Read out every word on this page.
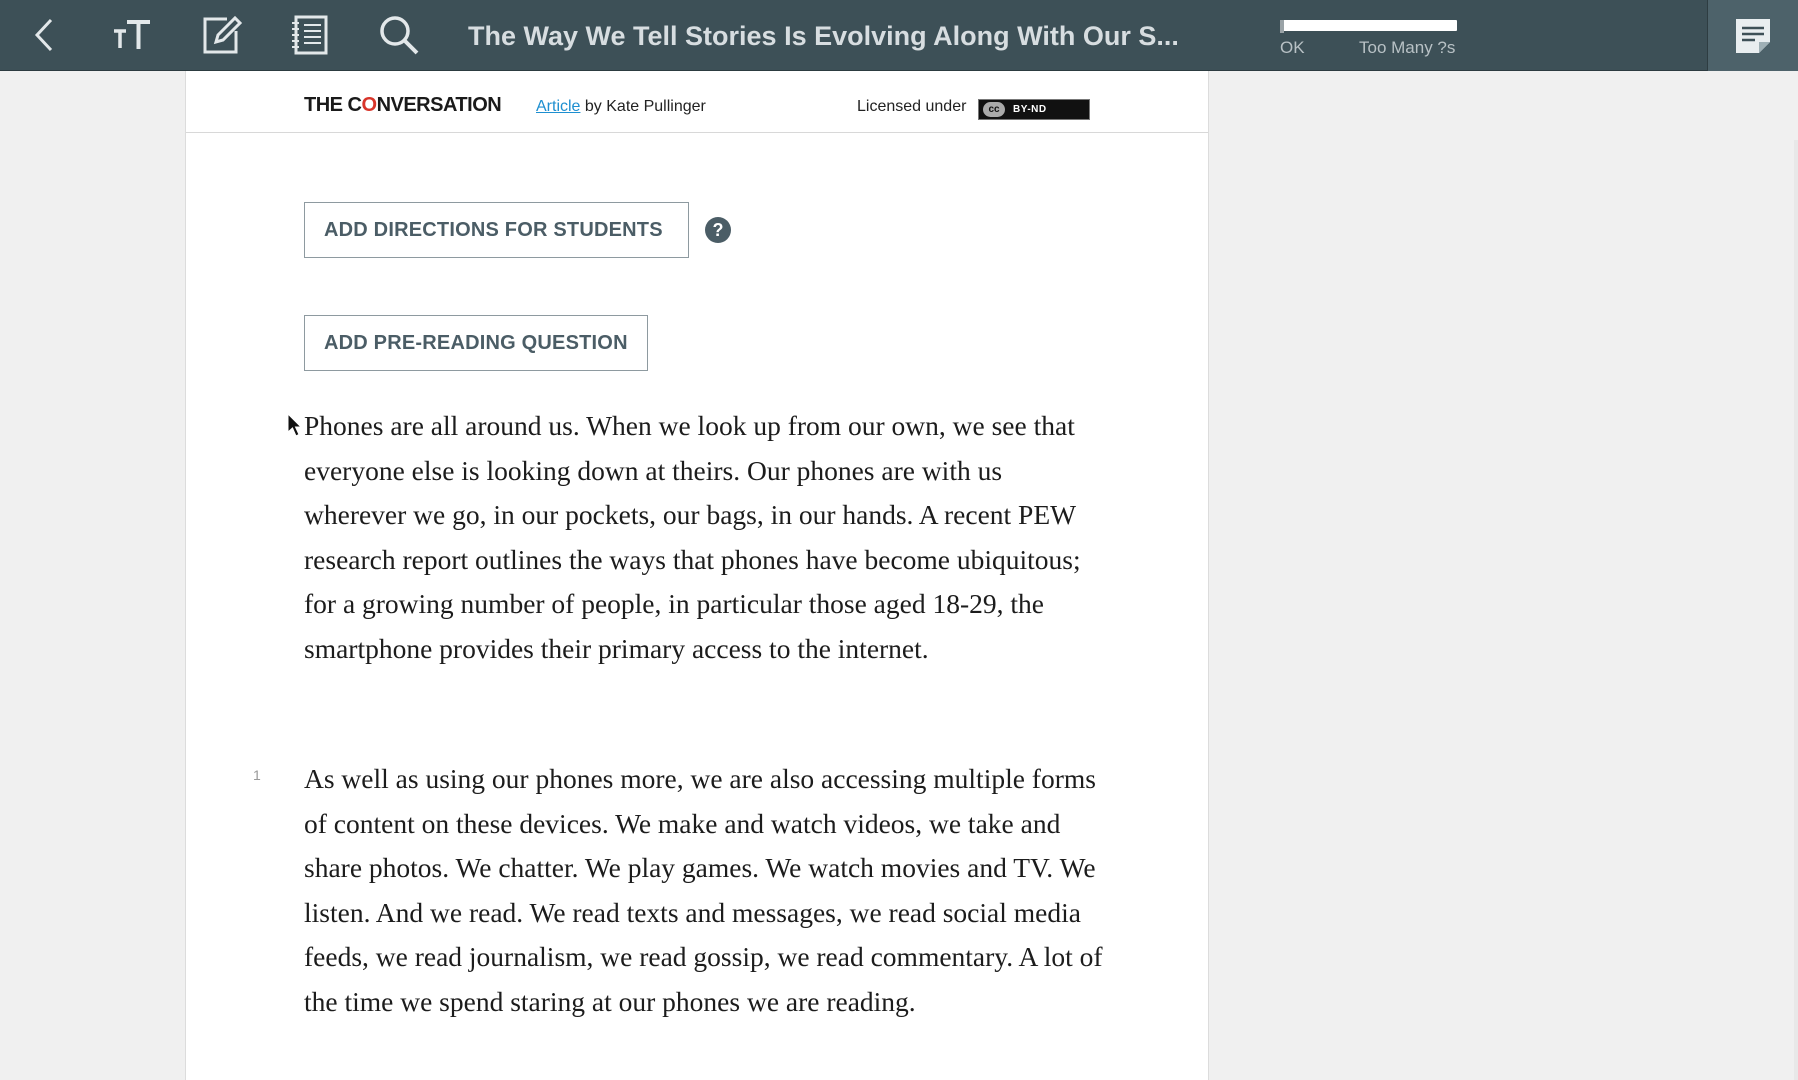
The Way We Tell Stories Is Evolving Along With Our S...	OK	Too Many ?s
THE CONVERSATION Article by Kate Pullinger	Licensed under	cc	BY-ND
ADD DIRECTIONS FOR STUDENTS	?
ADD PRE-READING QUESTION

Phones are all around us. When we look up from our own, we see that everyone else is looking down at theirs. Our phones are with us wherever we go, in our pockets, our bags, in our hands. A recent PEW research report outlines the ways that phones have become ubiquitous; for a growing number of people, in particular those aged 18-29, the smartphone provides their primary access to the internet.

1 As well as using our phones more, we are also accessing multiple forms of content on these devices. We make and watch videos, we take and share photos. We chatter. We play games. We watch movies and TV. We listen. And we read. We read texts and messages, we read social media feeds, we read journalism, we read gossip, we read commentary. A lot of the time we spend staring at our phones we are reading.
